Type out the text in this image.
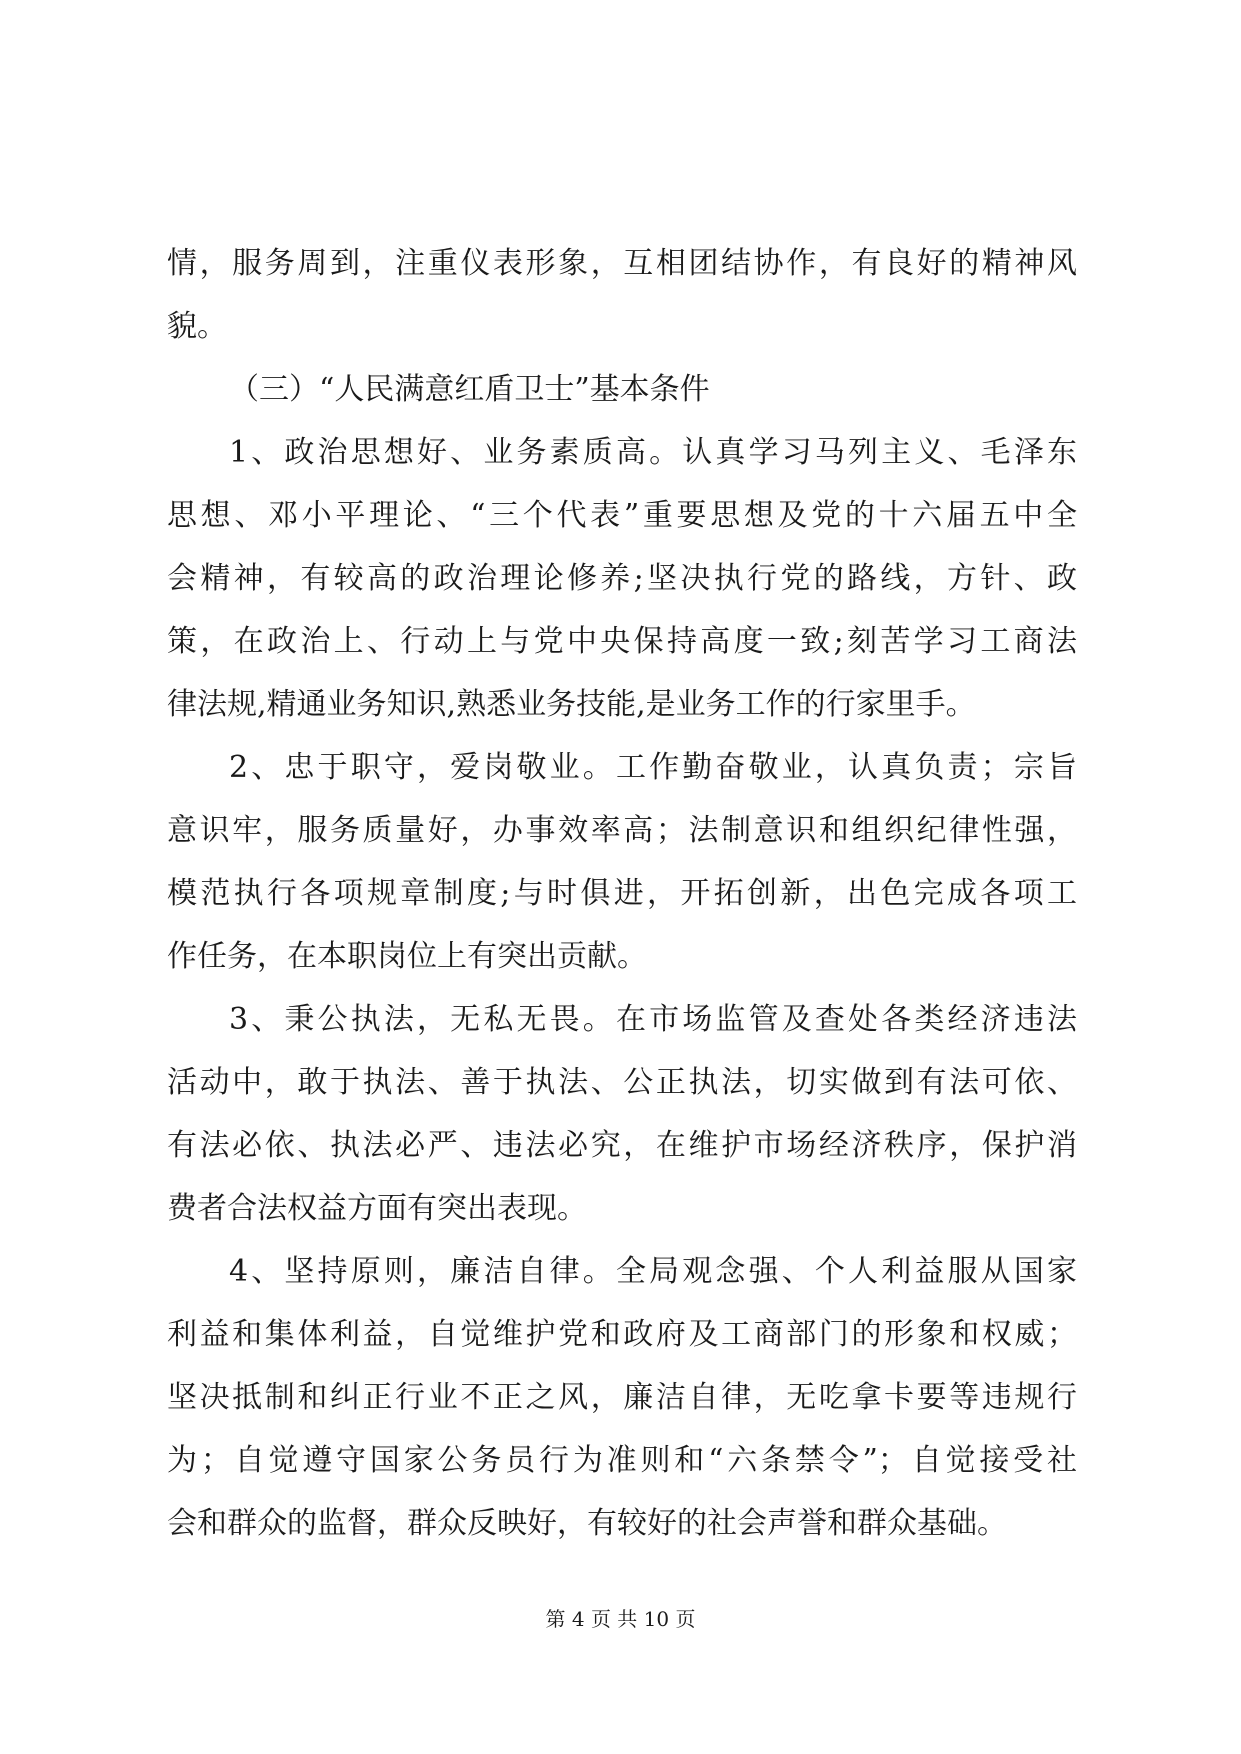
情，服务周到，注重仪表形象，互相团结协作，有良好的精神风
貌。
（三）“人民满意红盾卫士”基本条件
1、政治思想好、业务素质高。认真学习马列主义、毛泽东
思想、邓小平理论、“三个代表”重要思想及党的十六届五中全
会精神，有较高的政治理论修养;坚决执行党的路线，方针、政
策，在政治上、行动上与党中央保持高度一致;刻苦学习工商法
律法规,精通业务知识,熟悉业务技能,是业务工作的行家里手。
2、忠于职守，爱岗敬业。工作勤奋敬业，认真负责；宗旨
意识牢，服务质量好，办事效率高；法制意识和组织纪律性强，
模范执行各项规章制度;与时俱进，开拓创新，出色完成各项工
作任务，在本职岗位上有突出贡献。
3、秉公执法，无私无畏。在市场监管及查处各类经济违法
活动中，敢于执法、善于执法、公正执法，切实做到有法可依、
有法必依、执法必严、违法必究，在维护市场经济秩序，保护消
费者合法权益方面有突出表现。
4、坚持原则，廉洁自律。全局观念强、个人利益服从国家
利益和集体利益，自觉维护党和政府及工商部门的形象和权威；
坚决抵制和纠正行业不正之风，廉洁自律，无吃拿卡要等违规行
为；自觉遵守国家公务员行为准则和“六条禁令”；自觉接受社
会和群众的监督，群众反映好，有较好的社会声誉和群众基础。
第 4 页 共 10 页
